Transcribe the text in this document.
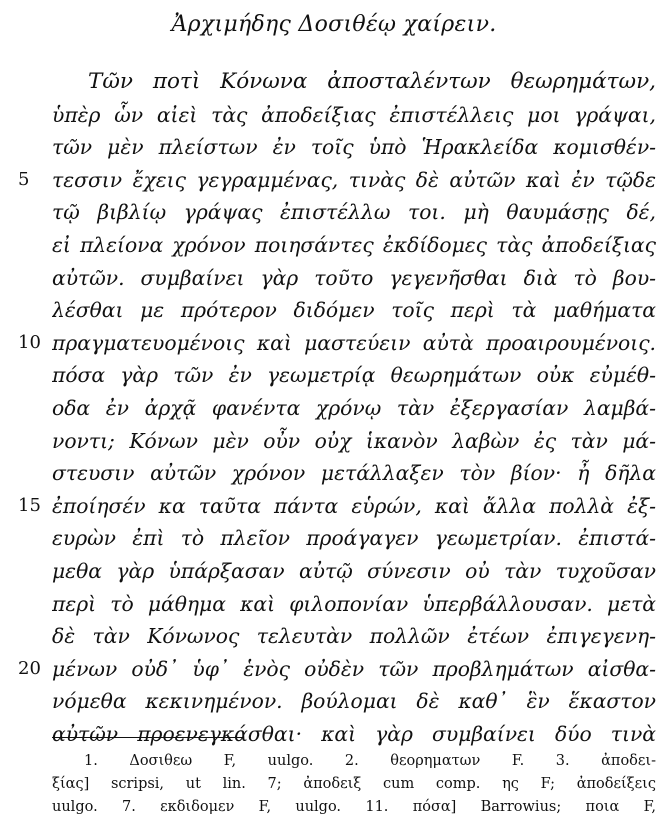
Ἀρχιμήδης Δοσιθέῳ χαίρειν.
Τῶν ποτὶ Κόνωνα ἀποσταλέντων θεωρημάτων,
ὑπὲρ ὧν αἰεὶ τὰς ἀποδείξιας ἐπιστέλλεις μοι γράψαι,
τῶν μὲν πλείστων ἐν τοῖς ὑπὸ Ἡρακλείδα κομισθέν-
5	τεσσιν ἔχεις γεγραμμένας, τινὰς δὲ αὐτῶν καὶ ἐν τῷδε
τῷ βιβλίῳ γράψας ἐπιστέλλω τοι. μὴ θαυμάσῃς δέ,
εἰ πλείονα χρόνον ποιησάντες ἐκδίδομες τὰς ἀποδείξιας
αὐτῶν. συμβαίνει γὰρ τοῦτο γεγενῆσθαι διὰ τὸ βου-
λέσθαι με πρότερον διδόμεν τοῖς περὶ τὰ μαθήματα
10 πραγματευομένοις καὶ μαστεύειν αὐτὰ προαιρουμένοις.
πόσα γὰρ τῶν ἐν γεωμετρίᾳ θεωρημάτων οὐκ εὐμέθ-
οδα ἐν ἀρχᾷ φανέντα χρόνῳ τὰν ἐξεργασίαν λαμβά-
νοντι; Κόνων μὲν οὖν οὐχ ἱκανὸν λαβὼν ἐς τὰν μά-
στευσιν αὐτῶν χρόνον μετάλλαξεν τὸν βίον· ἦ δῆλα
15 ἐποίησέν κα ταῦτα πάντα εὑρών, καὶ ἄλλα πολλὰ ἐξ-
ευρὼν ἐπὶ τὸ πλεῖον προάγαγεν γεωμετρίαν. ἐπιστά-
μεθα γὰρ ὑπάρξασαν αὐτῷ σύνεσιν οὐ τὰν τυχοῦσαν
περὶ τὸ μάθημα καὶ φιλοπονίαν ὑπερβάλλουσαν. μετὰ
δὲ τὰν Κόνωνος τελευτὰν πολλῶν ἐτέων ἐπιγεγενη-
20 μένων οὐδ᾽ ὑφ᾽ ἑνὸς οὐδὲν τῶν προβλημάτων αἰσθα-
νόμεθα κεκινημένον. βούλομαι δὲ καθ᾽ ἓν ἕκαστον
αὐτῶν προενεγκάσθαι· καὶ γὰρ συμβαίνει δύο τινὰ
1. Δοσιθεω F, uulgo. 2. θεορηματων F. 3. ἀποδει-
ξίας] scripsi, ut lin. 7; ἀποδειξ cum comp. ης F; ἀποδείξεις
uulgo. 7. εκδιδομεν F, uulgo. 11. πόσα] Barrowius; ποια F,
